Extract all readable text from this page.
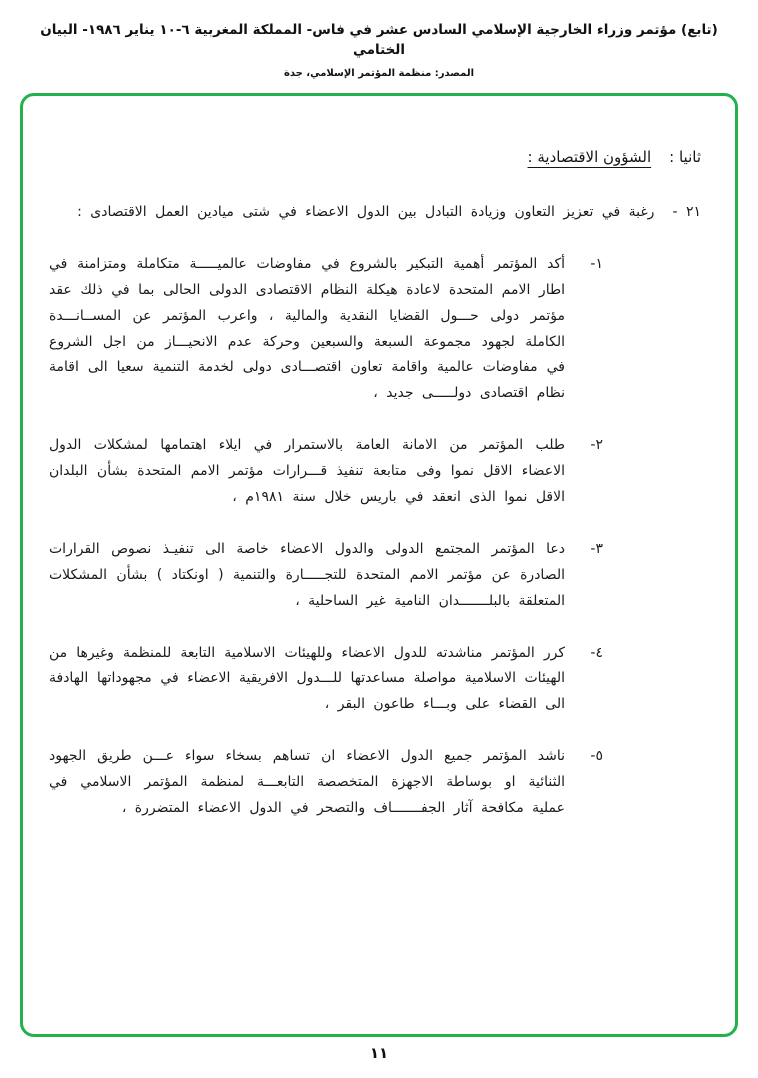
(تابع) مؤتمر وزراء الخارجية الإسلامي السادس عشر في فاس- المملكة المغربية ٦-١٠ يناير ١٩٨٦- البيان الختامي
المصدر: منظمة المؤتمر الإسلامي، جدة
ثانيا :
الشؤون الاقتصادية :
٢١ -
رغبة في تعزيز التعاون وزيادة التبادل بين الدول الاعضاء في شتى ميادين العمل الاقتصادى :
١-
أكد المؤتمر أهمية التبكير بالشروع في مفاوضات عالميـــــة متكاملة ومتزامنة في اطار الامم المتحدة لاعادة هيكلة النظام الاقتصادى الدولى الحالى بما في ذلك عقد مؤتمر دولى حـــول القضايا النقدية والمالية ، واعرب المؤتمر عن المســانـــدة الكاملة لجهود مجموعة السبعة والسبعين وحركة عدم الانحيـــاز من اجل الشروع في مفاوضات عالمية واقامة تعاون اقتصـــادى دولى لخدمة التنمية سعيا الى اقامة نظام اقتصادى دولـــــى جديد ،
٢-
طلب المؤتمر من الامانة العامة بالاستمرار في ايلاء اهتمامها لمشكلات الدول الاعضاء الاقل نموا وفى متابعة تنفيذ قـــرارات مؤتمر الامم المتحدة بشأن البلدان الاقل نموا الذى انعقد في باريس خلال سنة ١٩٨١م ،
٣-
دعا المؤتمر المجتمع الدولى والدول الاعضاء خاصة الى تنفيـذ نصوص القرارات الصادرة عن مؤتمر الامم المتحدة للتجـــــارة والتنمية ( اونكتاد ) بشأن المشكلات المتعلقة بالبلـــــــدان النامية غير الساحلية ،
٤-
كرر المؤتمر مناشدته للدول الاعضاء وللهيئات الاسلامية التابعة للمنظمة وغيرها من الهيئات الاسلامية مواصلة مساعدتها للـــدول الافريقية الاعضاء في مجهوداتها الهادفة الى القضاء على وبـــاء طاعون البقر ،
٥-
ناشد المؤتمر جميع الدول الاعضاء ان تساهم بسخاء سواء عـــن طريق الجهود الثنائية او بوساطة الاجهزة المتخصصة التابعـــة لمنظمة المؤتمر الاسلامي في عملية مكافحة آثار الجفـــــــاف والتصحر في الدول الاعضاء المتضررة ،
١١
